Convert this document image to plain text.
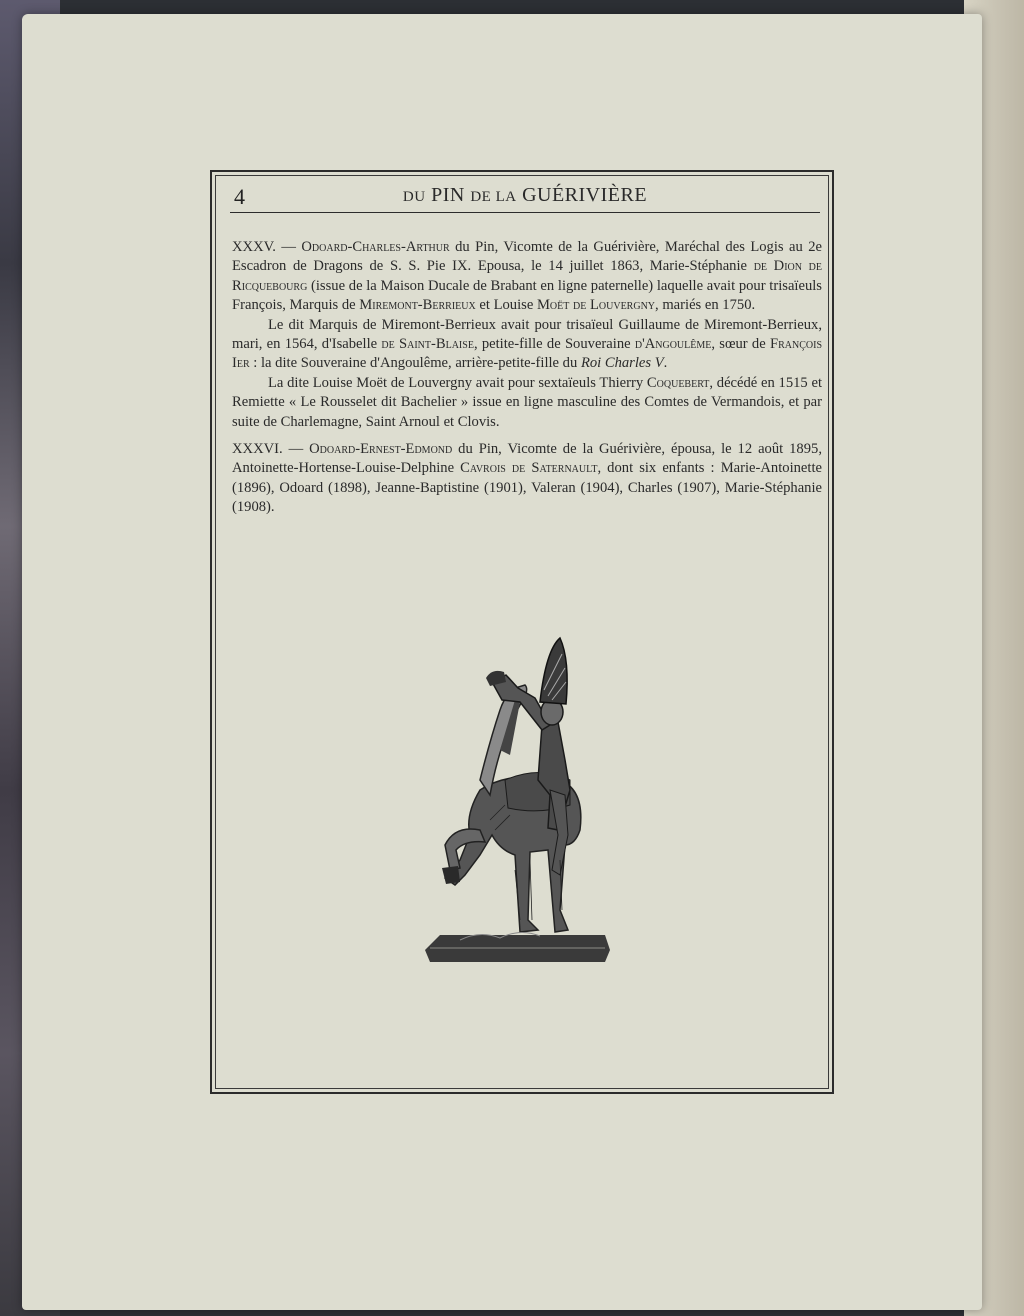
4	DU PIN DE LA GUÉRIVIÈRE

XXXV. — Odoard-Charles-Arthur du Pin, Vicomte de la Guérivière, Maréchal des Logis au 2e Escadron de Dragons de S. S. Pie IX. Epousa, le 14 juillet 1863, Marie-Stéphanie de Dion de Ricquebourg (issue de la Maison Ducale de Brabant en ligne paternelle) laquelle avait pour trisaïeuls François, Marquis de Miremont-Berrieux et Louise Moët de Louvergny, mariés en 1750.

Le dit Marquis de Miremont-Berrieux avait pour trisaïeul Guillaume de Miremont-Berrieux, mari, en 1564, d'Isabelle de Saint-Blaise, petite-fille de Souveraine d'Angoulême, sœur de François Ier : la dite Souveraine d'Angoulême, arrière-petite-fille du Roi Charles V.

La dite Louise Moët de Louvergny avait pour sextaïeuls Thierry Coquebert, décédé en 1515 et Remiette « Le Rousselet dit Bachelier » issue en ligne masculine des Comtes de Vermandois, et par suite de Charlemagne, Saint Arnoul et Clovis.

XXXVI. — Odoard-Ernest-Edmond du Pin, Vicomte de la Guérivière, épousa, le 12 août 1895, Antoinette-Hortense-Louise-Delphine Cavrois de Saternault, dont six enfants : Marie-Antoinette (1896), Odoard (1898), Jeanne-Baptistine (1901), Valeran (1904), Charles (1907), Marie-Stéphanie (1908).
